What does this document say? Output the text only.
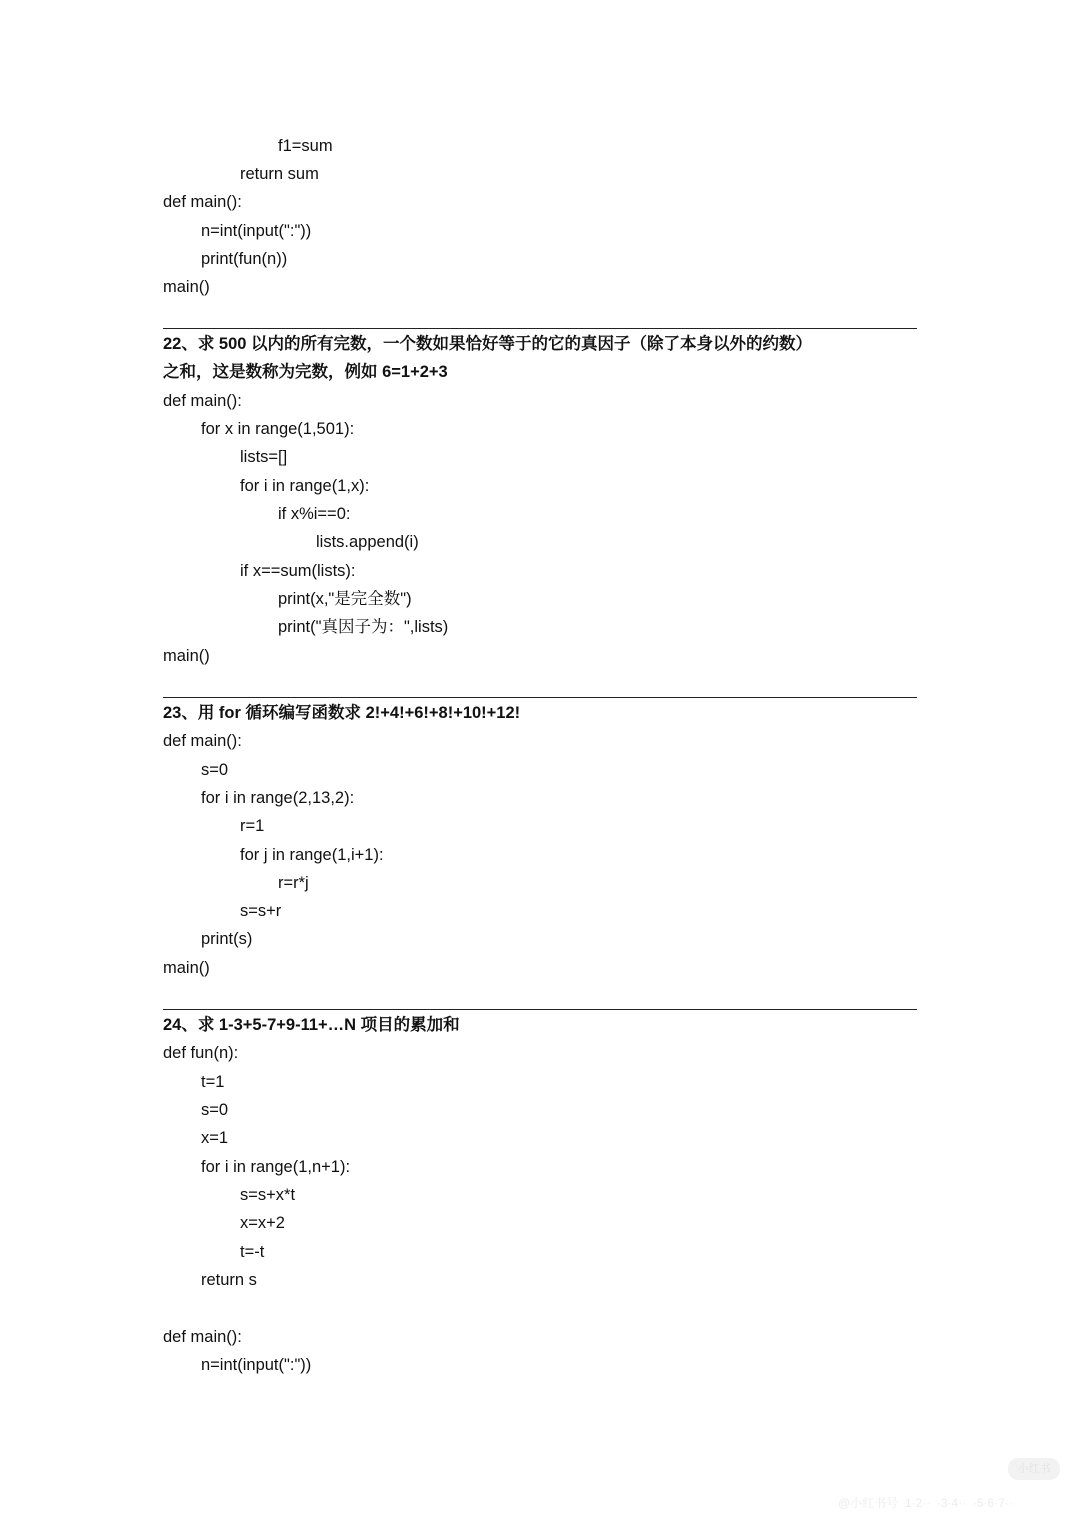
f1=sum
return sum
def main():
n=int(input(":"))
print(fun(n))
main()
22、求 500 以内的所有完数，一个数如果恰好等于的它的真因子（除了本身以外的约数）
之和，这是数称为完数，例如 6=1+2+3
def main():
for x in range(1,501):
lists=[]
for i in range(1,x):
if x%i==0:
lists.append(i)
if x==sum(lists):
print(x,"是完全数")
print("真因子为：",lists)
main()
23、用 for 循环编写函数求 2!+4!+6!+8!+10!+12!
def main():
s=0
for i in range(2,13,2):
r=1
for j in range(1,i+1):
r=r*j
s=s+r
print(s)
main()
24、求 1-3+5-7+9-11+…N 项目的累加和
def fun(n):
t=1
s=0
x=1
for i in range(1,n+1):
s=s+x*t
x=x+2
t=-t
return s
def main():
n=int(input(":"))
小红书
@小红书号  1·2··  ·3·4··  ·5·6·7··
